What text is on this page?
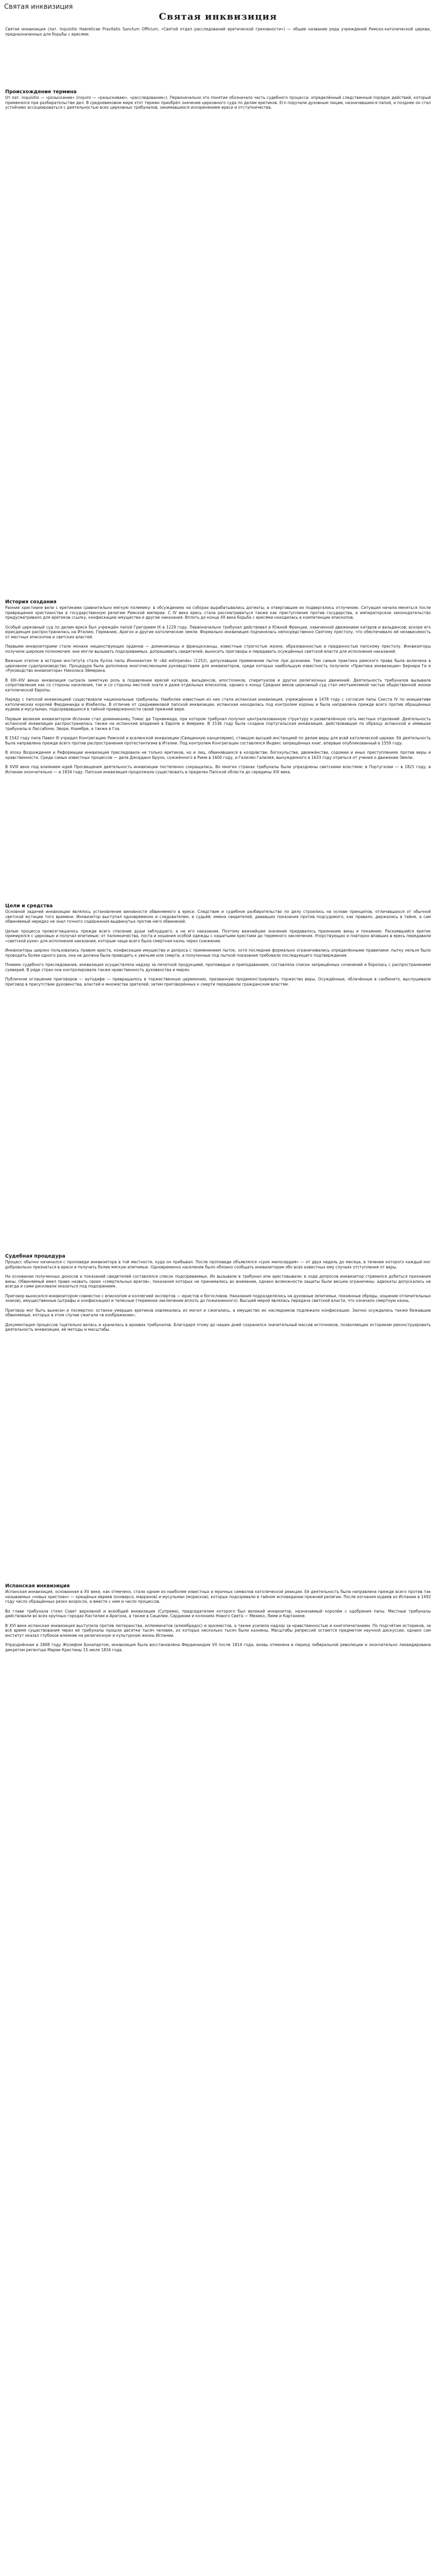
Святая инквизиция
Святая инквизиция

Святая инквизиция (лат. Inquisitio Haereticae Pravitatis Sanctum Officium, «Святой отдел расследований еретической греховности») — общее название ряда учреждений Римско-католической церкви, предназначенных для борьбы с ересями.

Происхождение термина

От лат. inquisitio — «розыскание» (inquiro — «разыскиваю», «расследование»). Первоначально это понятие обозначало часть судебного процесса: определённый следственный порядок действий, который применялся при разбирательстве дел. В средневековом мире этот термин приобрёл значение церковного суда по делам еретиков. Его поручали духовным лицам, назначавшимся папой, и позднее он стал устойчиво ассоциироваться с деятельностью всех церковных трибуналов, занимавшихся искоренением ереси и отступничества.

История создания

Ранние христиане вели с еретиками сравнительно мягкую полемику: в обсуждениях на соборах вырабатывались догматы, а отвергавшие их подвергались отлучению. Ситуация начала меняться после превращения христианства в государственную религию Римской империи. С IV века ересь стала рассматриваться также как преступление против государства, а императорское законодательство предусматривало для еретиков ссылку, конфискацию имущества и другие наказания. Вплоть до конца XII века борьба с ересями находилась в компетенции епископов.

Особый церковный суд по делам ереси был учреждён папой Григорием IX в 1229 году. Первоначально трибунал действовал в Южной Франции, охваченной движением катаров и вальденсов; вскоре его юрисдикция распространилась на Италию, Германию, Арагон и другие католические земли. Формально инквизиция подчинялась непосредственно Святому престолу, что обеспечивало ей независимость от местных епископов и светских властей.

Первыми инквизиторами стали монахи нищенствующих орденов — доминиканцы и францисканцы, известные строгостью жизни, образованностью и преданностью папскому престолу. Инквизиторы получили широкие полномочия: они могли вызывать подозреваемых, допрашивать свидетелей, выносить приговоры и передавать осуждённых светской власти для исполнения наказаний.

Важным этапом в истории института стала булла папы Иннокентия IV «Ad extirpanda» (1252), допускавшая применение пыток при дознании. Тем самым практика римского права была включена в церковное судопроизводство. Процедура была дополнена многочисленными руководствами для инквизиторов, среди которых наибольшую известность получили «Практика инквизиции» Бернара Ги и «Руководство инквизитора» Николаса Эймерика.

В XIII–XIV веках инквизиция сыграла заметную роль в подавлении ересей катаров, вальденсов, апостоликов, спиритуалов и других религиозных движений. Деятельность трибуналов вызывала сопротивление как со стороны населения, так и со стороны местной знати и даже отдельных епископов, однако к концу Средних веков церковный суд стал неотъемлемой частью общественной жизни католической Европы.

Наряду с папской инквизицией существовали национальные трибуналы. Наиболее известным из них стала испанская инквизиция, учреждённая в 1478 году с согласия папы Сикста IV по инициативе католических королей Фердинанда и Изабеллы. В отличие от средневековой папской инквизиции, испанская находилась под контролем короны и была направлена прежде всего против обращённых иудеев и мусульман, подозревавшихся в тайной приверженности своей прежней вере.

Первым великим инквизитором Испании стал доминиканец Томас де Торквемада, при котором трибунал получил централизованную структуру и разветвлённую сеть местных отделений. Деятельность испанской инквизиции распространилась также на испанские владения в Европе и Америке. В 1536 году была создана португальская инквизиция, действовавшая по образцу испанской и имевшая трибуналы в Лиссабоне, Эворе, Коимбре, а также в Гоа.

В 1542 году папа Павел III учредил Конгрегацию Римской и вселенской инквизиции (Священную канцелярию), ставшую высшей инстанцией по делам веры для всей католической церкви. Её деятельность была направлена прежде всего против распространения протестантизма в Италии. Под контролем Конгрегации составлялся Индекс запрещённых книг, впервые опубликованный в 1559 году.

В эпоху Возрождения и Реформации инквизиция преследовала не только еретиков, но и лиц, обвинявшихся в колдовстве, богохульстве, двоежёнстве, содомии и иных преступлениях против веры и нравственности. Среди самых известных процессов — дела Джордано Бруно, сожжённого в Риме в 1600 году, и Галилео Галилея, вынужденного в 1633 году отречься от учения о движении Земли.

В XVIII веке под влиянием идей Просвещения деятельность инквизиции постепенно сокращалась. Во многих странах трибуналы были упразднены светскими властями: в Португалии — в 1821 году, в Испании окончательно — в 1834 году. Папская инквизиция продолжала существовать в пределах Папской области до середины XIX века.

Цели и средства

Основной задачей инквизиции являлось установление виновности обвиняемого в ереси. Следствие и судебное разбирательство по делу строились на основе принципов, отличавшихся от обычной светской юстиции того времени. Инквизитор выступал одновременно и следователем, и судьёй; имена свидетелей, дававших показания против подсудимого, как правило, держались в тайне, а сам обвиняемый нередко не знал точного содержания выдвинутых против него обвинений.

Целью процесса провозглашалось прежде всего спасение души заблудшего, а не его наказание. Поэтому важнейшее значение придавалось признанию вины и покаянию. Раскаявшийся еретик примирялся с церковью и получал епитимью: от паломничества, поста и ношения особой одежды с нашитыми крестами до тюремного заключения. Упорствующих и повторно впавших в ересь передавали «светской руке» для исполнения наказания, которым чаще всего была смертная казнь через сожжение.

Инквизиторы широко пользовались правом ареста, конфискации имущества и допроса с применением пыток, хотя последние формально ограничивались определёнными правилами: пытку нельзя было проводить более одного раза, она не должна была приводить к увечьям или смерти, а полученные под пыткой показания требовали последующего подтверждения.

Помимо судебного преследования, инквизиция осуществляла надзор за печатной продукцией, проповедью и преподаванием, составляла списки запрещённых сочинений и боролась с распространением суеверий. В ряде стран она контролировала также нравственность духовенства и мирян.

Публичное оглашение приговоров — аутодафе — превращалось в торжественную церемонию, призванную продемонстрировать торжество веры. Осуждённые, облачённые в санбенито, выслушивали приговор в присутствии духовенства, властей и множества зрителей; затем приговорённых к смерти передавали гражданским властям.

Судебная процедура

Процесс обычно начинался с проповеди инквизитора в той местности, куда он прибывал. После проповеди объявлялся «срок милосердия» — от двух недель до месяца, в течение которого каждый мог добровольно признаться в ереси и получить более мягкую епитимью. Одновременно население было обязано сообщать инквизиторам обо всех известных ему случаях отступления от веры.

На основании полученных доносов и показаний свидетелей составлялся список подозреваемых. Их вызывали в трибунал или арестовывали; в ходе допросов инквизитор стремился добиться признания вины. Обвиняемый имел право назвать своих «смертельных врагов», показания которых не принимались во внимание, однако возможности защиты были весьма ограничены: адвокаты допускались не всегда и сами рисковали оказаться под подозрением.

Приговор выносился инквизитором совместно с епископом и коллегией экспертов — юристов и богословов. Наказания подразделялись на духовные (епитимьи, покаянные обряды, ношение отличительных знаков), имущественные (штрафы и конфискации) и телесные (тюремное заключение вплоть до пожизненного). Высшей мерой являлась передача светской власти, что означало смертную казнь.

Приговор мог быть вынесен и посмертно: останки умерших еретиков извлекались из могил и сжигались, а имущество их наследников подлежало конфискации. Заочно осуждались также бежавшие обвиняемые, которых в этом случае сжигали «в изображении».

Документация процессов тщательно велась и хранилась в архивах трибуналов. Благодаря этому до наших дней сохранился значительный массив источников, позволяющих историкам реконструировать деятельность инквизиции, её методы и масштабы.

Испанская инквизиция

Испанская инквизиция, основанная в XV веке, как отмечено, стала одним из наиболее известных и мрачных символов католической реакции. Её деятельность была направлена прежде всего против так называемых «новых христиан» — крещёных евреев (конверсо, марранов) и мусульман (морисков), которых подозревали в тайном исповедании прежней религии. После изгнания иудеев из Испании в 1492 году число обращённых резко возросло, а вместе с ним и число процессов.

Во главе трибунала стоял Совет верховной и всеобщей инквизиции (Супрема), председателем которого был великий инквизитор, назначаемый королём с одобрения папы. Местные трибуналы действовали во всех крупных городах Кастилии и Арагона, а также в Сицилии, Сардинии и колониях Нового Света — Мехико, Лиме и Картахене.

В XVI веке испанская инквизиция выступила против лютеранства, иллюминатов (алюмбрадос) и эразмистов, а также усилила надзор за нравственностью и книгопечатанием. По подсчётам историков, за всё время существования через её трибуналы прошли десятки тысяч человек, из которых несколько тысяч были казнены. Масштабы репрессий остаются предметом научной дискуссии, однако сам институт оказал глубокое влияние на религиозную и культурную жизнь Испании.

Упразднённая в 1808 году Жозефом Бонапартом, инквизиция была восстановлена Фердинандом VII после 1814 года, вновь отменена в период либеральной революции и окончательно ликвидирована декретом регентши Марии Кристины 15 июля 1834 года.
